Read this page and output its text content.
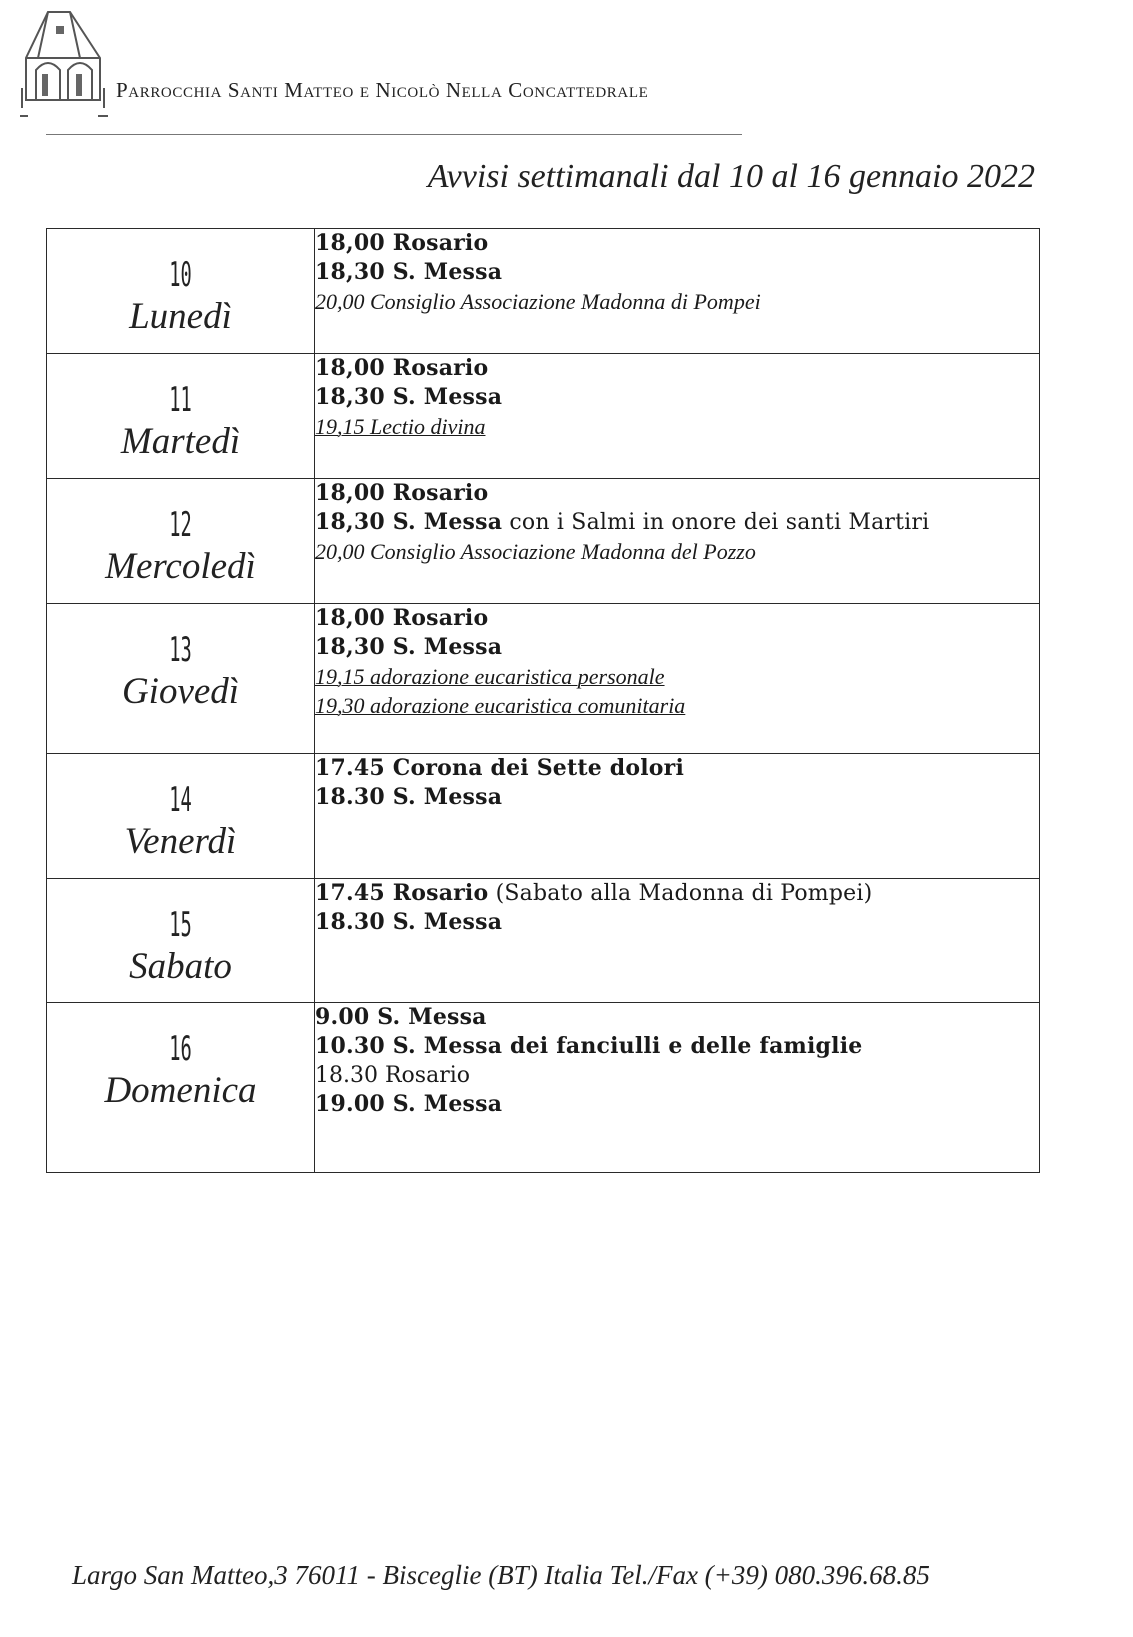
Parrocchia Santi Matteo e Nicolò Nella Concattedrale
Avvisi settimanali dal 10 al 16 gennaio 2022
10
Lunedì	18,00 Rosario
18,30 S. Messa
20,00 Consiglio Associazione Madonna di Pompei

11
Martedì	18,00 Rosario
18,30 S. Messa
19,15 Lectio divina

12
Mercoledì	18,00 Rosario
18,30 S. Messa con i Salmi in onore dei santi Martiri
20,00 Consiglio Associazione Madonna del Pozzo

13
Giovedì	18,00 Rosario
18,30 S. Messa
19,15 adorazione eucaristica personale
19,30 adorazione eucaristica comunitaria

14
Venerdì	17.45 Corona dei Sette dolori
18.30 S. Messa

15
Sabato	17.45 Rosario (Sabato alla Madonna di Pompei)
18.30 S. Messa

16
Domenica	9.00 S. Messa
10.30 S. Messa dei fanciulli e delle famiglie
18.30 Rosario
19.00 S. Messa
Largo San Matteo,3 76011 - Bisceglie (BT) Italia Tel./Fax (+39) 080.396.68.85
